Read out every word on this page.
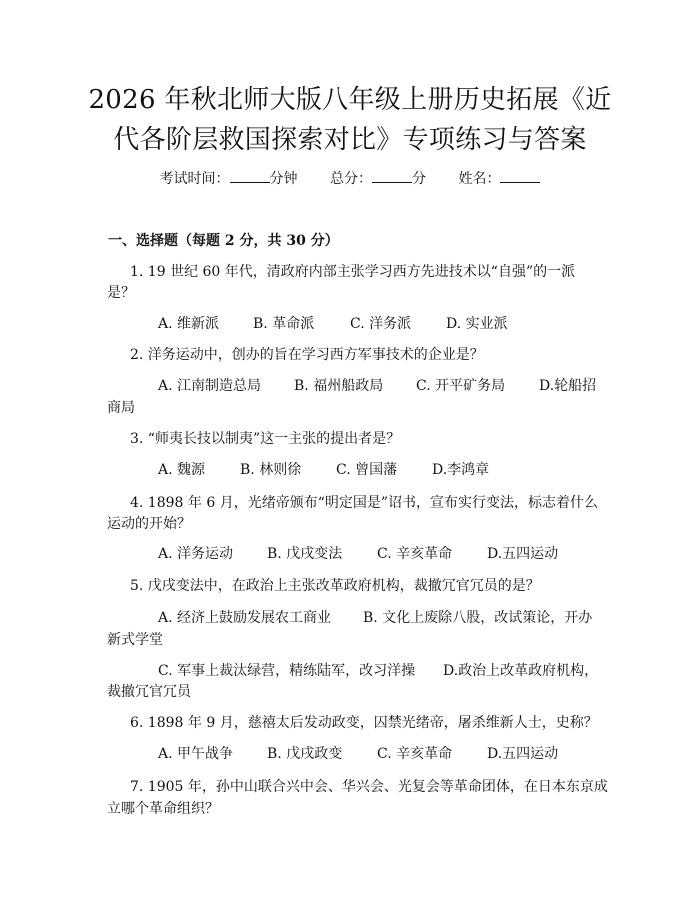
2026 年秋北师大版八年级上册历史拓展《近
代各阶层救国探索对比》专项练习与答案
考试时间：	分钟 总分：	分 姓名：
一、选择题（每题 2 分，共 30 分）
1. 19 世纪 60 年代，清政府内部主张学习西方先进技术以“自强”的一派
是？
A. 维新派 B. 革命派	C. 洋务派 D. 实业派
2. 洋务运动中，创办的旨在学习西方军事技术的企业是？
A. 江南制造总局 B. 福州船政局 C. 开平矿务局 D.轮船招
商局
3. “师夷长技以制夷”这一主张的提出者是？
A. 魏源 B. 林则徐 C. 曾国藩 D.李鸿章
4. 1898 年 6 月，光绪帝颁布“明定国是”诏书，宣布实行变法，标志着什么
运动的开始？
A. 洋务运动 B. 戊戌变法 C. 辛亥革命 D.五四运动
5. 戊戌变法中，在政治上主张改革政府机构，裁撤冗官冗员的是？
A. 经济上鼓励发展农工商业 B. 文化上废除八股，改试策论，开办
新式学堂
C. 军事上裁汰绿营，精练陆军，改习洋操 D.政治上改革政府机构，
裁撤冗官冗员
6. 1898 年 9 月，慈禧太后发动政变，囚禁光绪帝，屠杀维新人士，史称？
A. 甲午战争 B. 戊戌政变 C. 辛亥革命 D.五四运动
7. 1905 年，孙中山联合兴中会、华兴会、光复会等革命团体，在日本东京成
立哪个革命组织？
